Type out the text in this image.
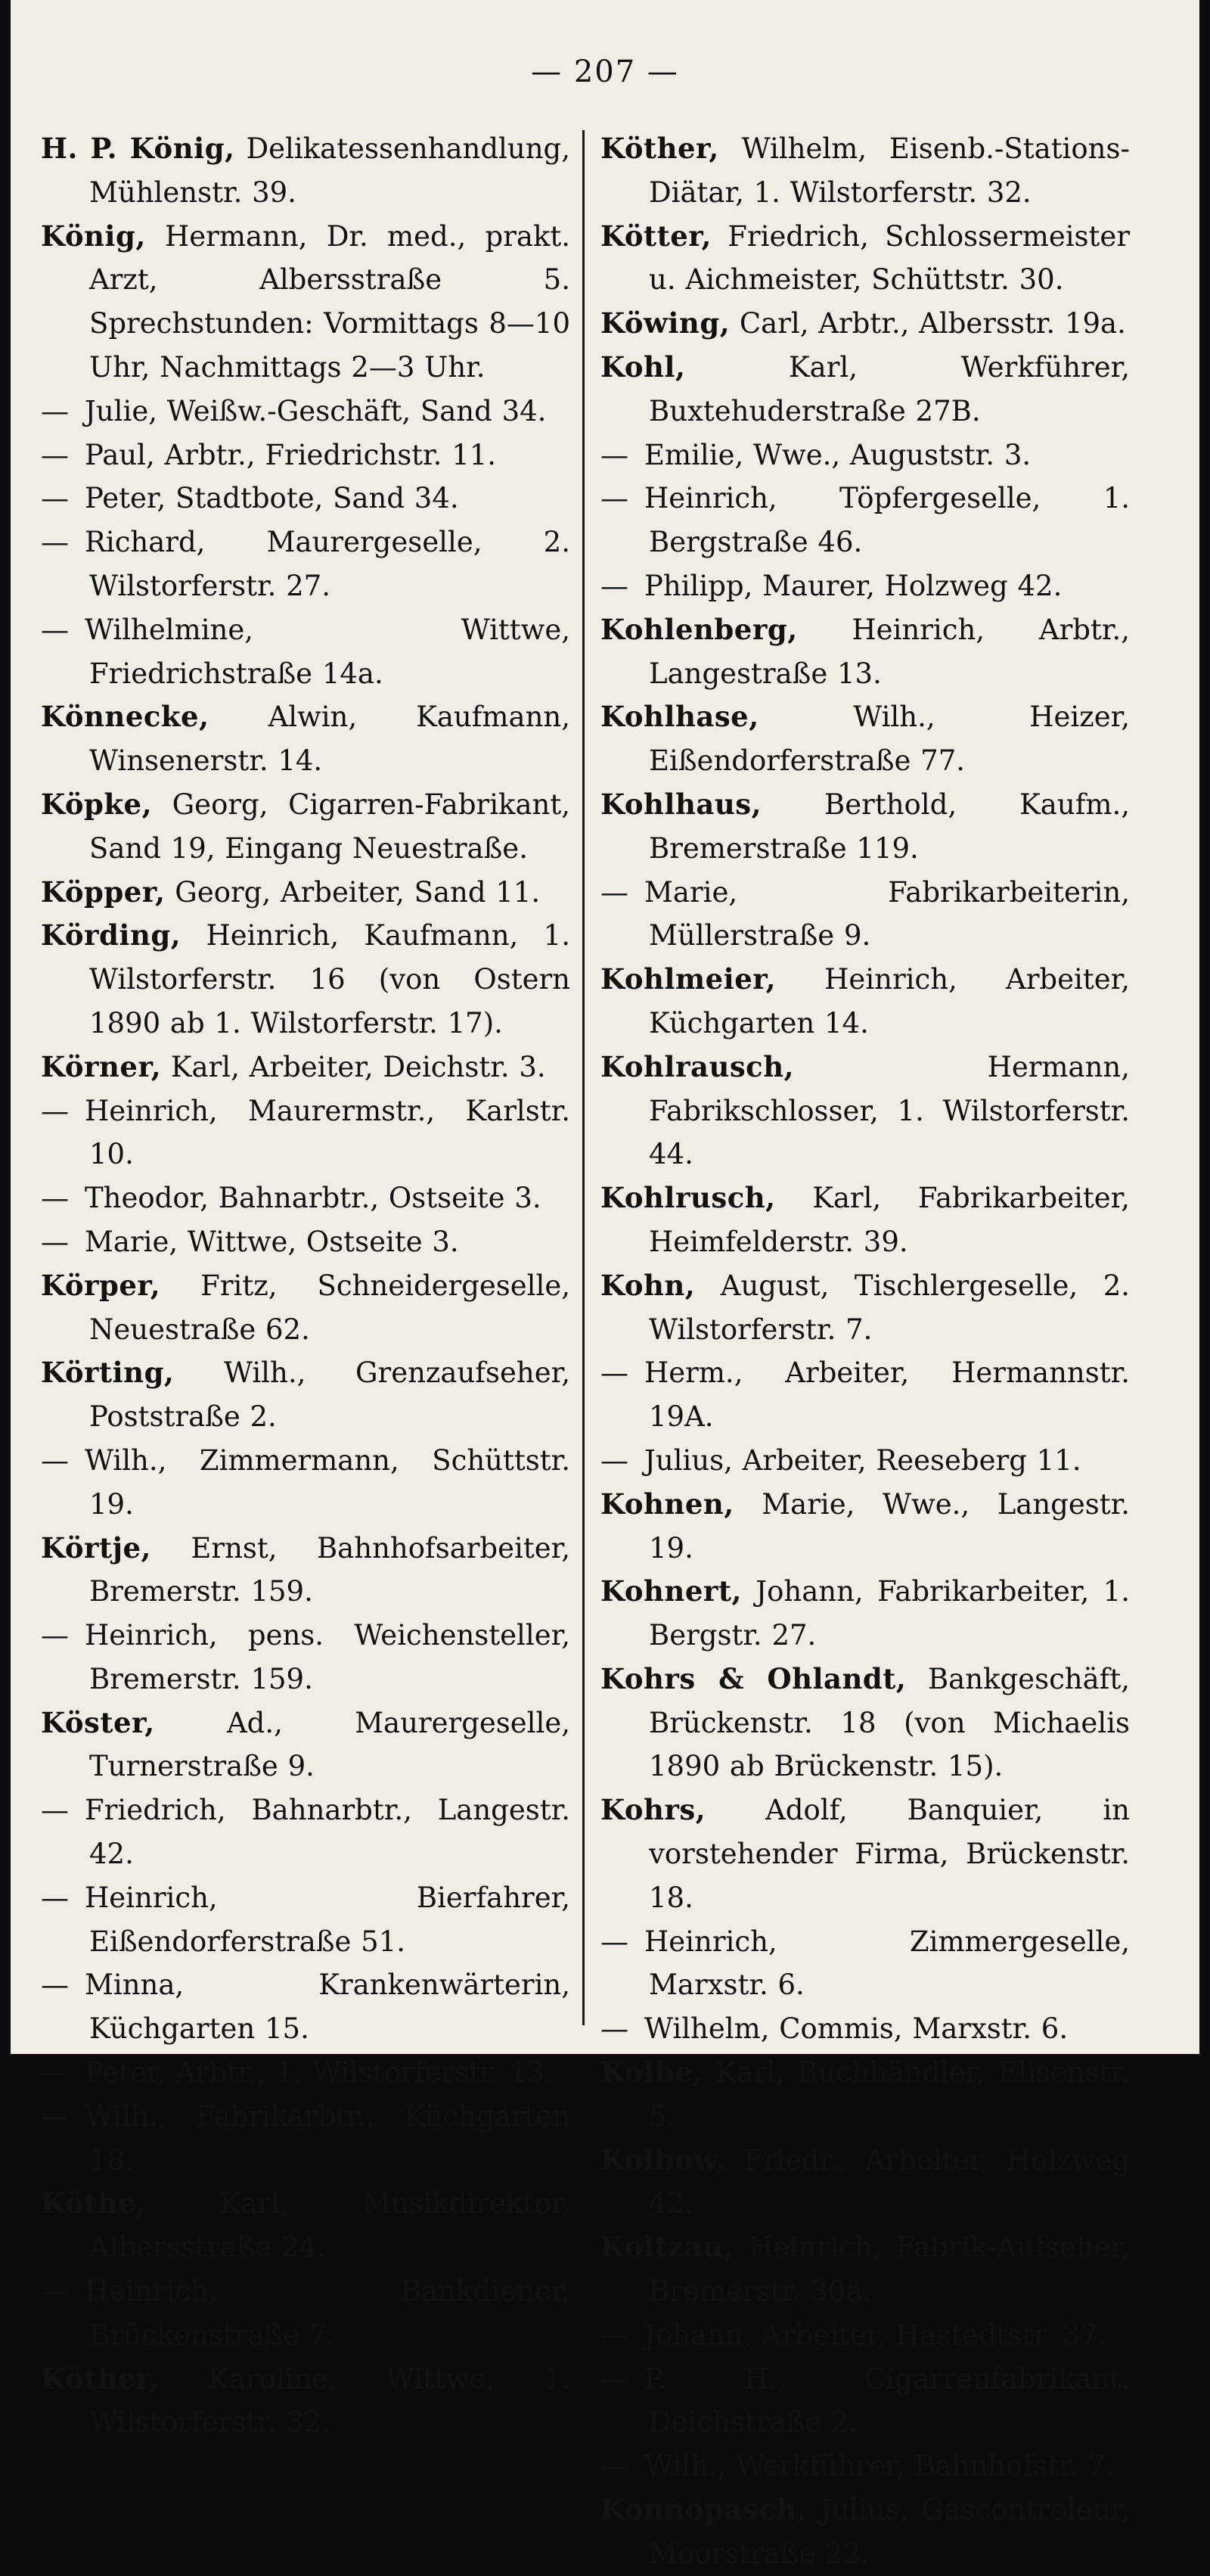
— 207 —
H. P. König, Delikatessenhandlung, Mühlenstr. 39.
König, Hermann, Dr. med., prakt. Arzt, Albersstraße 5. Sprechstunden: Vormittags 8—10 Uhr, Nachmittags 2—3 Uhr.
— Julie, Weißw.-Geschäft, Sand 34.
— Paul, Arbtr., Friedrichstr. 11.
— Peter, Stadtbote, Sand 34.
— Richard, Maurergeselle, 2. Wilstorferstr. 27.
— Wilhelmine, Wittwe, Friedrichstraße 14a.
Könnecke, Alwin, Kaufmann, Winsenerstr. 14.
Köpke, Georg, Cigarren-Fabrikant, Sand 19, Eingang Neuestraße.
Köpper, Georg, Arbeiter, Sand 11.
Körding, Heinrich, Kaufmann, 1. Wilstorferstr. 16 (von Ostern 1890 ab 1. Wilstorferstr. 17).
Körner, Karl, Arbeiter, Deichstr. 3.
— Heinrich, Maurermstr., Karlstr. 10.
— Theodor, Bahnarbtr., Ostseite 3.
— Marie, Wittwe, Ostseite 3.
Körper, Fritz, Schneidergeselle, Neuestraße 62.
Körting, Wilh., Grenzaufseher, Poststraße 2.
— Wilh., Zimmermann, Schüttstr. 19.
Körtje, Ernst, Bahnhofsarbeiter, Bremerstr. 159.
— Heinrich, pens. Weichensteller, Bremerstr. 159.
Köster, Ad., Maurergeselle, Turnerstraße 9.
— Friedrich, Bahnarbtr., Langestr. 42.
— Heinrich, Bierfahrer, Eißendorferstraße 51.
— Minna, Krankenwärterin, Küchgarten 15.
— Peter, Arbtr., 1. Wilstorferstr. 13.
— Wilh., Fabrikarbtr., Küchgarten 18.
Köthe, Karl, Musikdirektor, Albersstraße 24.
— Heinrich, Bankdiener, Brückenstraße 7.
Köther, Karoline, Wittwe, 1. Wilstorferstr. 32.
Köther, Wilhelm, Eisenb.-Stations-Diätar, 1. Wilstorferstr. 32.
Kötter, Friedrich, Schlossermeister u. Aichmeister, Schüttstr. 30.
Köwing, Carl, Arbtr., Albersstr. 19a.
Kohl, Karl, Werkführer, Buxtehuderstraße 27B.
— Emilie, Wwe., Auguststr. 3.
— Heinrich, Töpfergeselle, 1. Bergstraße 46.
— Philipp, Maurer, Holzweg 42.
Kohlenberg, Heinrich, Arbtr., Langestraße 13.
Kohlhase, Wilh., Heizer, Eißendorferstraße 77.
Kohlhaus, Berthold, Kaufm., Bremerstraße 119.
— Marie, Fabrikarbeiterin, Müllerstraße 9.
Kohlmeier, Heinrich, Arbeiter, Küchgarten 14.
Kohlrausch, Hermann, Fabrikschlosser, 1. Wilstorferstr. 44.
Kohlrusch, Karl, Fabrikarbeiter, Heimfelderstr. 39.
Kohn, August, Tischlergeselle, 2. Wilstorferstr. 7.
— Herm., Arbeiter, Hermannstr. 19A.
— Julius, Arbeiter, Reeseberg 11.
Kohnen, Marie, Wwe., Langestr. 19.
Kohnert, Johann, Fabrikarbeiter, 1. Bergstr. 27.
Kohrs & Ohlandt, Bankgeschäft, Brückenstr. 18 (von Michaelis 1890 ab Brückenstr. 15).
Kohrs, Adolf, Banquier, in vorstehender Firma, Brückenstr. 18.
— Heinrich, Zimmergeselle, Marxstr. 6.
— Wilhelm, Commis, Marxstr. 6.
Kolbe, Karl, Buchhändler, Elisenstr. 5.
Kolbow, Friedr., Arbeiter, Holzweg 42.
Koltzau, Heinrich, Fabrik-Aufseher, Bremerstr. 30a.
— Johann, Arbeiter, Hastedtstr. 37.
— P. H., Cigarrenfabrikant. Deichstraße 2.
— Wilh., Werkführer, Bahnhofstr. 7.
Konnopasch, Julius, Gascontroleur, Moorstraße 22.
